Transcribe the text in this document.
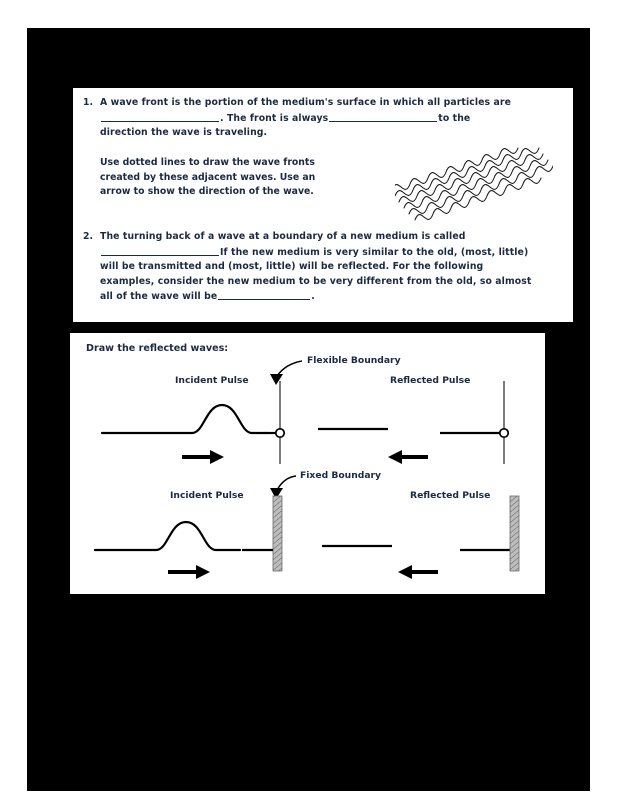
1. A wave front is the portion of the medium's surface in which all particles are
. The front is always	to the
direction the wave is traveling.
Use dotted lines to draw the wave fronts
created by these adjacent waves. Use an
arrow to show the direction of the wave.
2. The turning back of a wave at a boundary of a new medium is called
If the new medium is very similar to the old, (most, little)
will be transmitted and (most, little) will be reflected. For the following
examples, consider the new medium to be very different from the old, so almost
all of the wave will be	.
Draw the reflected waves:
Flexible Boundary
Fixed Boundary
Incident Pulse	Reflected Pulse
Incident Pulse	Reflected Pulse
